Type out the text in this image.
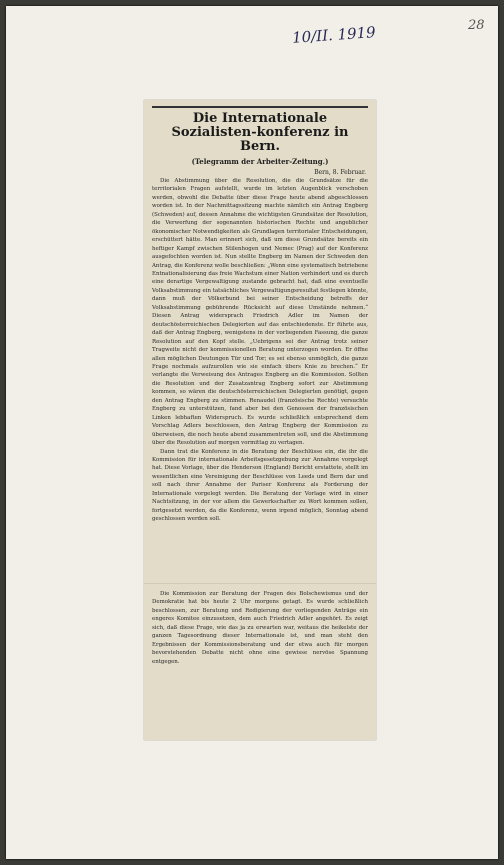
10/II. 1919	28
Die Internationale Sozialisten-konferenz in Bern.
(Telegramm der Arbeiter-Zeitung.)
Bern, 8. Februar.

Die Abstimmung über die Resolution, die die Grundsätze für die territorialen Fragen aufstellt, wurde im letzten Augenblick verschoben werden, obwohl die Debatte über diese Frage heute abend abgeschlossen worden ist. In der Nachmittagssitzung machte nämlich ein Antrag Engberg (Schweden) auf, dessen Annahme die wichtigsten Grundsätze der Resolution, die Verwerfung der sogenannten historischen Rechte und angeblicher ökonomischer Notwendigkeiten als Grundlagen territorialer Entscheidungen, erschüttert hätte. Man erinnert sich, daß um diese Grundsätze bereits ein heftiger Kampf zwischen Stilenhogen und Nemec (Prag) auf der Konferenz ausgefochten worden ist. Nun stellte Engberg im Namen der Schweden den Antrag, die Konferenz wolle beschließen: „Wenn eine systematisch betriebene Entnationalisierung das freie Wachstum einer Nation verhindert und es durch eine derartige Vergewaltigung zustande gebracht hat, daß eine eventuelle Volksabstimmung ein tatsächliches Vergewaltigungsresultat festlegen könnte, dann muß der Völkerbund bei seiner Entscheidung betreffs der Volksabstimmung gebührende Rücksicht auf diese Umstände nehmen.“ Diesen Antrag widersprach Friedrich Adler im Namen der deutschösterreichischen Delegierten auf das entschiedenste. Er führte aus, daß der Antrag Engberg, wenigstens in der vorliegenden Fassung, die ganze Resolution auf den Kopf stelle. „Uebrigens sei der Antrag trotz seiner Tragweite nicht der kommissionellen Beratung unterzogen worden. Er öffne allen möglichen Deutungen Tür und Tor; es sei ebenso unmöglich, die ganze Frage nochmals aufzurollen wie sie einfach übers Knie zu brechen.“ Er verlangte die Verweisung des Antrages Engberg an die Kommission. Sollten die Resolution und der Zusatzantrag Engberg sofort zur Abstimmung kommen, so wären die deutschösterreichischen Delegierten genötigt, gegen den Antrag Engberg zu stimmen. Renaudel (französische Rechte) versuchte Engberg zu unterstützen, fand aber bei den Genossen der französischen Linken lebhaften Widerspruch. Es wurde schließlich entsprechend dem Vorschlag Adlers beschlossen, den Antrag Engberg der Kommission zu überweisen, die noch heute abend zusammentreten soll, und die Abstimmung über die Resolution auf morgen vormittag zu vertagen.

Dann trat die Konferenz in die Beratung der Beschlüsse ein, die ihr die Kommission für internationale Arbeitsgesetzgebung zur Annahme vorgelegt hat. Diese Vorlage, über die Henderson (England) Bericht erstattete, stellt im wesentlichen eine Vereinigung der Beschlüsse von Leeds und Bern dar und soll nach ihrer Annahme der Pariser Konferenz als Forderung der Internationale vorgelegt werden. Die Beratung der Vorlage wird in einer Nachtsitzung, in der vor allem die Gewerkschafter zu Wort kommen sollen, fortgesetzt werden, da die Konferenz, wenn irgend möglich, Sonntag abend geschlossen werden soll.

Die Kommission zur Beratung der Fragen des Bolschewismus und der Demokratie hat bis heute 2 Uhr morgens getagt. Es wurde schließlich beschlossen, zur Beratung und Redigierung der vorliegenden Anträge ein engeres Komitee einzusetzen, dem auch Friedrich Adler angehört. Es zeigt sich, daß diese Frage, wie das ja zu erwarten war, weitaus die heikelste der ganzen Tagesordnung dieser Internationale ist, und man steht den Ergebnissen der Kommissionsberatung und der etwa auch für morgen bevorstehenden Debatte nicht ohne eine gewisse nervöse Spannung entgegen.
